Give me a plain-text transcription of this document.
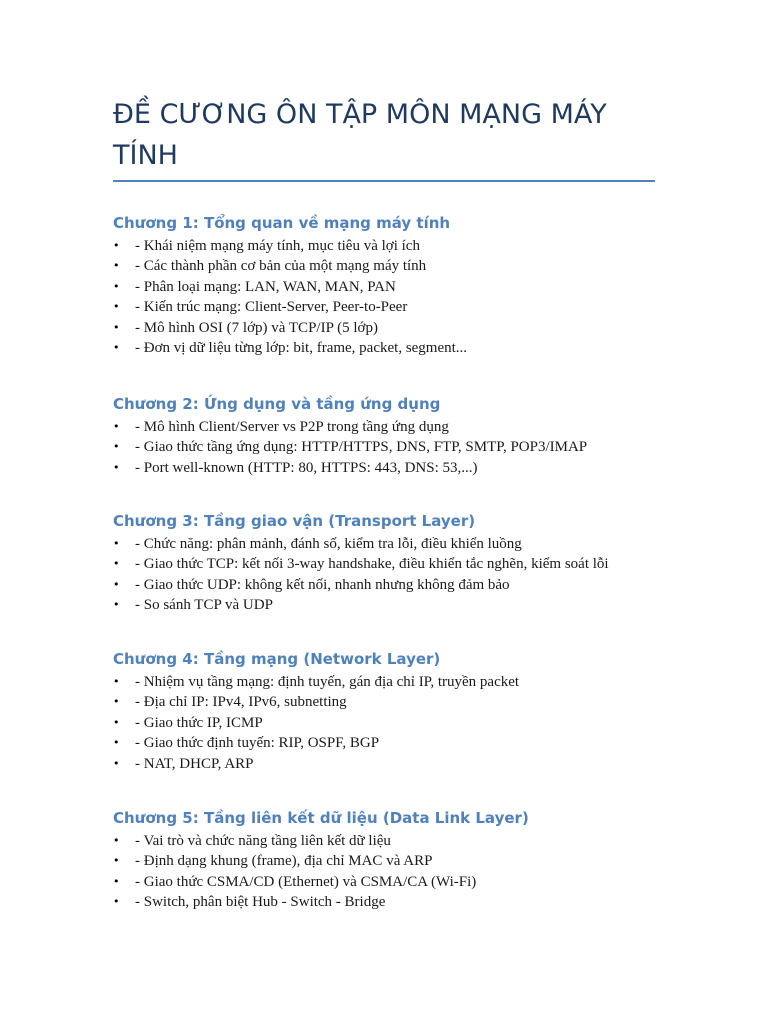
ĐỀ CƯƠNG ÔN TẬP MÔN MẠNG MÁY TÍNH
Chương 1: Tổng quan về mạng máy tính
• - Khái niệm mạng máy tính, mục tiêu và lợi ích
• - Các thành phần cơ bản của một mạng máy tính
• - Phân loại mạng: LAN, WAN, MAN, PAN
• - Kiến trúc mạng: Client-Server, Peer-to-Peer
• - Mô hình OSI (7 lớp) và TCP/IP (5 lớp)
• - Đơn vị dữ liệu từng lớp: bit, frame, packet, segment...
Chương 2: Ứng dụng và tầng ứng dụng
• - Mô hình Client/Server vs P2P trong tầng ứng dụng
• - Giao thức tầng ứng dụng: HTTP/HTTPS, DNS, FTP, SMTP, POP3/IMAP
• - Port well-known (HTTP: 80, HTTPS: 443, DNS: 53,...)
Chương 3: Tầng giao vận (Transport Layer)
• - Chức năng: phân mảnh, đánh số, kiểm tra lỗi, điều khiển luồng
• - Giao thức TCP: kết nối 3-way handshake, điều khiển tắc nghẽn, kiểm soát lỗi
• - Giao thức UDP: không kết nối, nhanh nhưng không đảm bảo
• - So sánh TCP và UDP
Chương 4: Tầng mạng (Network Layer)
• - Nhiệm vụ tầng mạng: định tuyến, gán địa chỉ IP, truyền packet
• - Địa chỉ IP: IPv4, IPv6, subnetting
• - Giao thức IP, ICMP
• - Giao thức định tuyến: RIP, OSPF, BGP
• - NAT, DHCP, ARP
Chương 5: Tầng liên kết dữ liệu (Data Link Layer)
• - Vai trò và chức năng tầng liên kết dữ liệu
• - Định dạng khung (frame), địa chỉ MAC và ARP
• - Giao thức CSMA/CD (Ethernet) và CSMA/CA (Wi-Fi)
• - Switch, phân biệt Hub - Switch - Bridge
